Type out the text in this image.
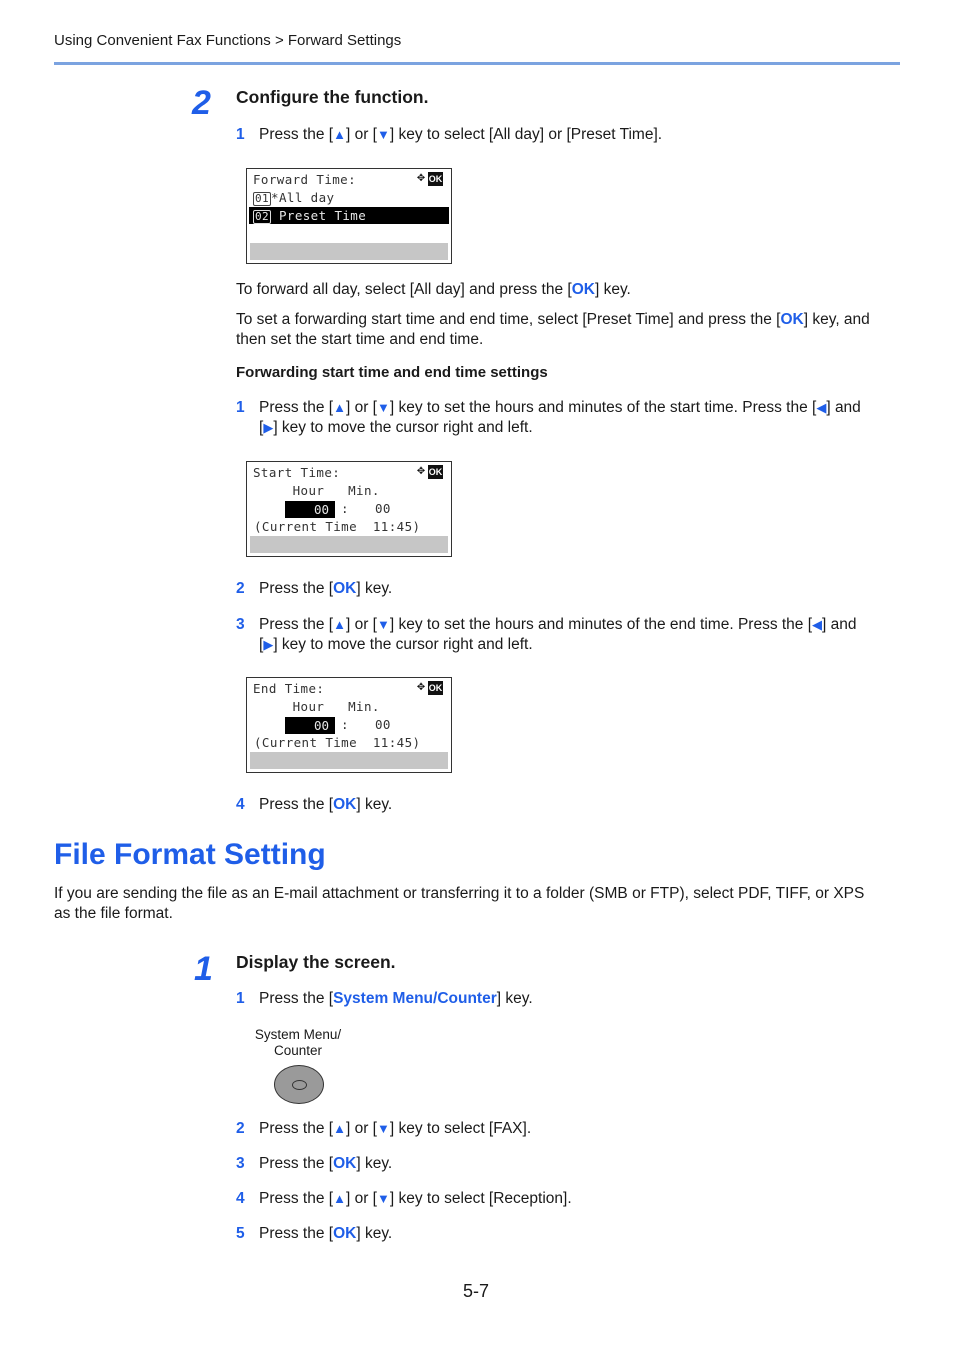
Using Convenient Fax Functions > Forward Settings
2 Configure the function.
1 Press the [▲] or [▼] key to select [All day] or [Preset Time].
Forward Time:	✥ OK
01 *All day
02 Preset Time
To forward all day, select [All day] and press the [OK] key.
To set a forwarding start time and end time, select [Preset Time] and press the [OK] key, and
then set the start time and end time.
Forwarding start time and end time settings
1 Press the [▲] or [▼] key to set the hours and minutes of the start time. Press the [◀] and
[▶] key to move the cursor right and left.
Start Time:	✥ OK
Hour   Min.
00 : 00
(Current Time  11:45)
2 Press the [OK] key.
3 Press the [▲] or [▼] key to set the hours and minutes of the end time. Press the [◀] and
[▶] key to move the cursor right and left.
End Time:	✥ OK
Hour   Min.
00 : 00
(Current Time  11:45)
4 Press the [OK] key.
File Format Setting
If you are sending the file as an E-mail attachment or transferring it to a folder (SMB or FTP), select PDF, TIFF, or XPS
as the file format.
1 Display the screen.
1 Press the [System Menu/Counter] key.
System Menu/
Counter
2 Press the [▲] or [▼] key to select [FAX].
3 Press the [OK] key.
4 Press the [▲] or [▼] key to select [Reception].
5 Press the [OK] key.
5-7
